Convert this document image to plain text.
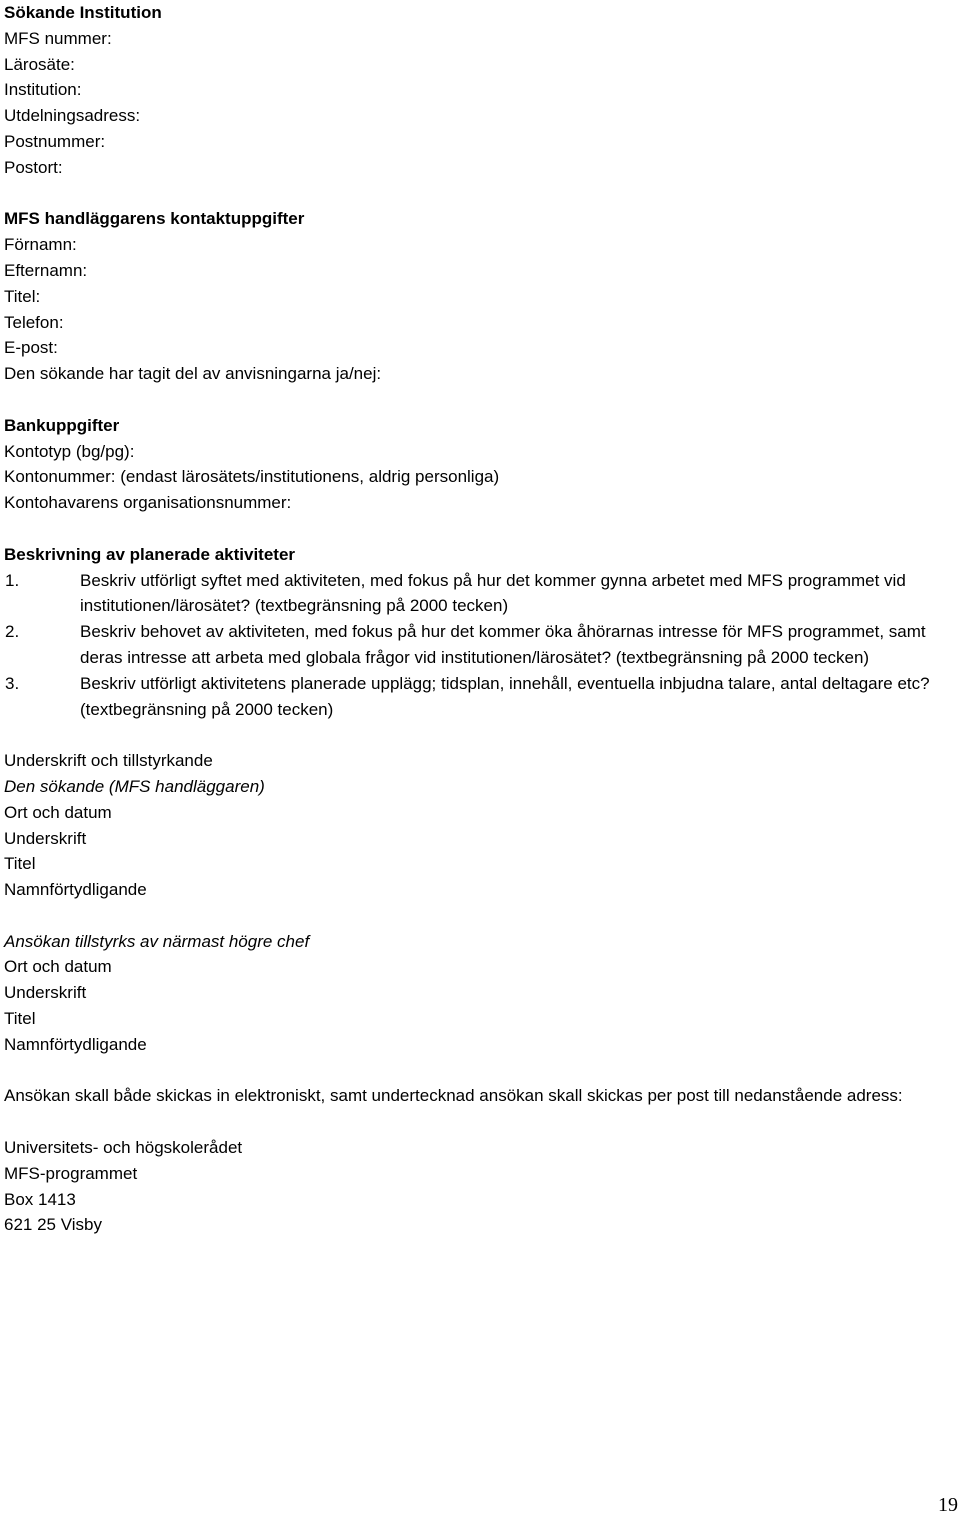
Sökande Institution

MFS nummer:

Lärosäte:

Institution:

Utdelningsadress:

Postnummer:

Postort:

MFS handläggarens kontaktuppgifter

Förnamn:

Efternamn:

Titel:

Telefon:

E-post:

Den sökande har tagit del av anvisningarna ja/nej:

Bankuppgifter

Kontotyp (bg/pg):

Kontonummer: (endast lärosätets/institutionens, aldrig personliga)

Kontohavarens organisationsnummer:

Beskrivning av planerade aktiviteter

1.	Beskriv utförligt syftet med aktiviteten, med fokus på hur det kommer gynna arbetet med MFS programmet vid institutionen/lärosätet? (textbegränsning på 2000 tecken)
2.	Beskriv behovet av aktiviteten, med fokus på hur det kommer öka åhörarnas intresse för MFS programmet, samt deras intresse att arbeta med globala frågor vid institutionen/lärosätet? (textbegränsning på 2000 tecken)
3.	Beskriv utförligt aktivitetens planerade upplägg; tidsplan, innehåll, eventuella inbjudna talare, antal deltagare etc? (textbegränsning på 2000 tecken)

Underskrift och tillstyrkande

Den sökande (MFS handläggaren)

Ort och datum

Underskrift

Titel

Namnförtydligande

Ansökan tillstyrks av närmast högre chef

Ort och datum

Underskrift

Titel

Namnförtydligande

Ansökan skall både skickas in elektroniskt, samt undertecknad ansökan skall skickas per post till nedanstående adress:

Universitets- och högskolerådet

MFS-programmet

Box 1413

621 25 Visby

19
